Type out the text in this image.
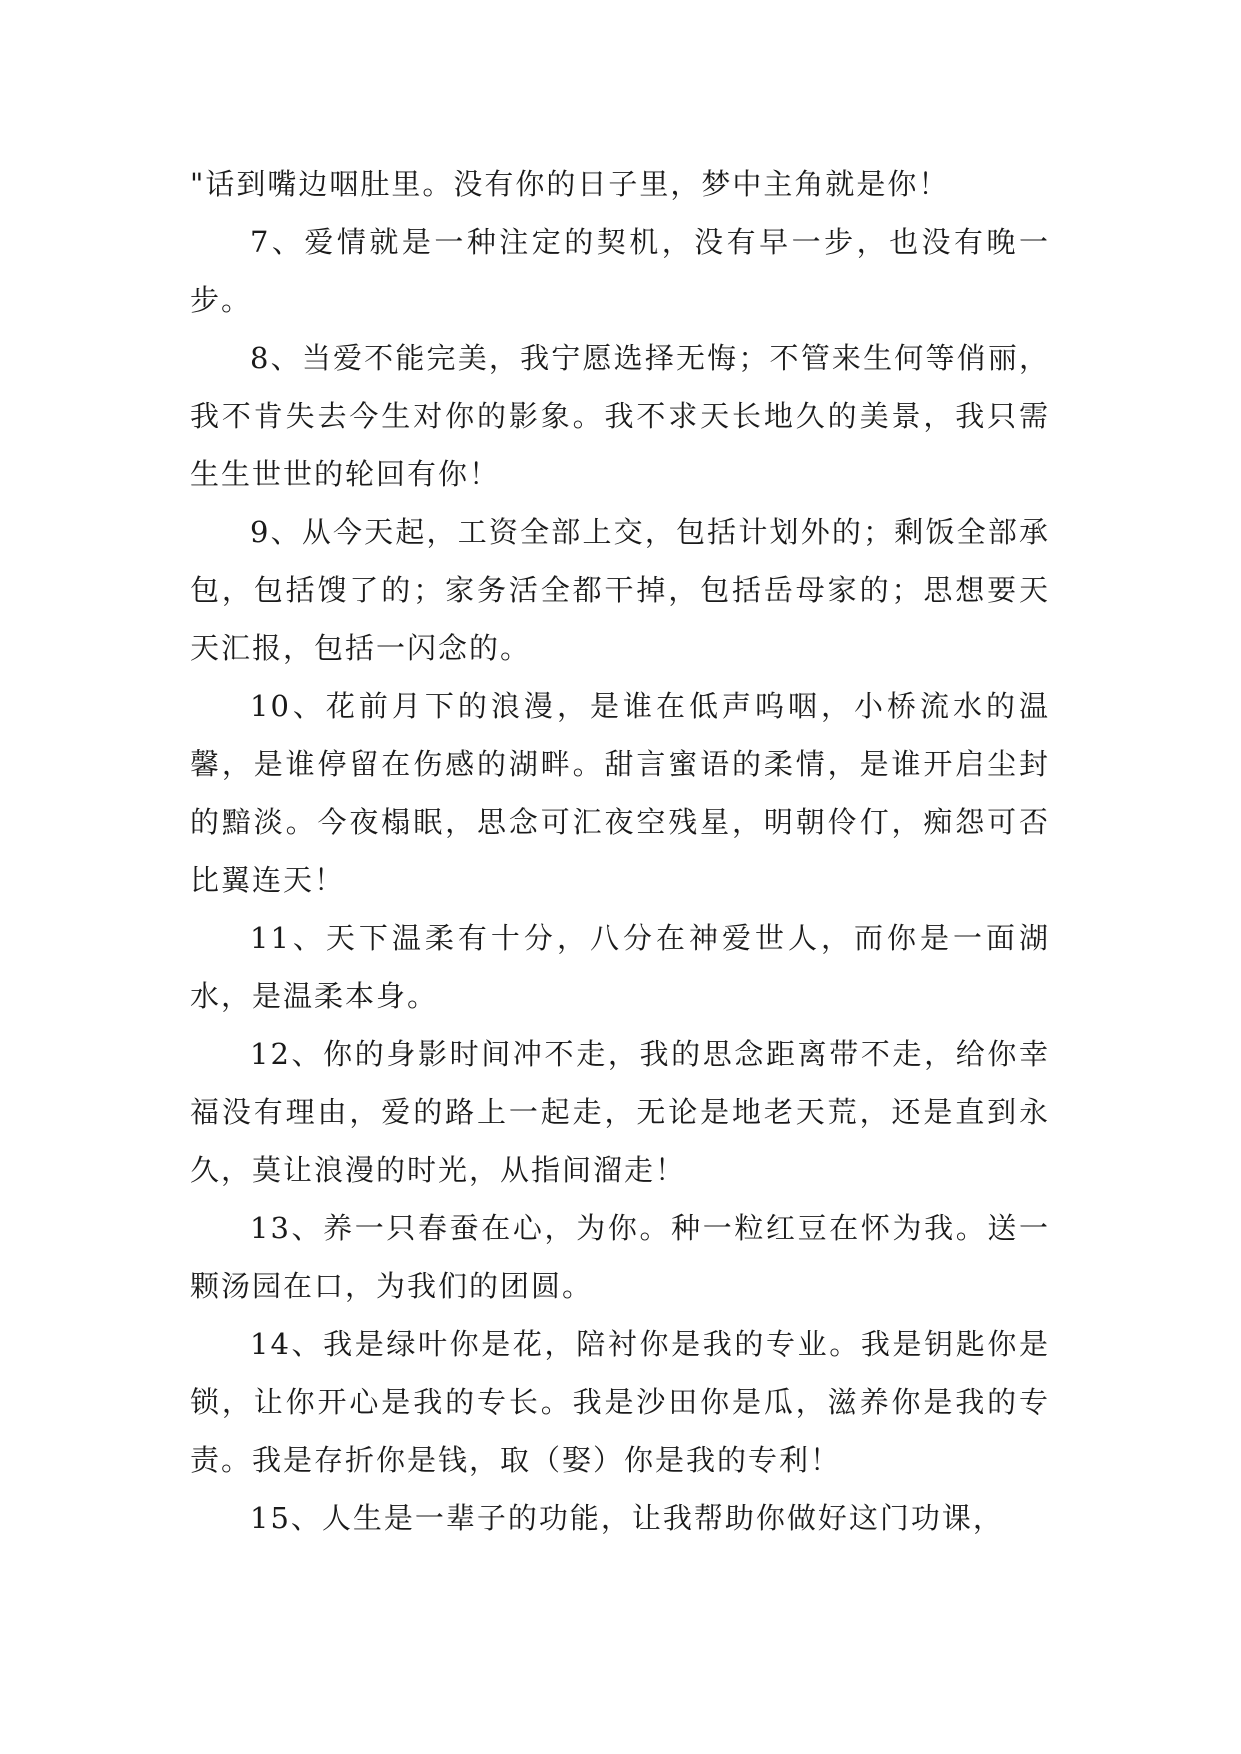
"话到嘴边咽肚里。没有你的日子里，梦中主角就是你！

7、爱情就是一种注定的契机，没有早一步，也没有晚一步。

8、当爱不能完美，我宁愿选择无悔；不管来生何等俏丽，我不肯失去今生对你的影象。我不求天长地久的美景，我只需生生世世的轮回有你！

9、从今天起，工资全部上交，包括计划外的；剩饭全部承包，包括馊了的；家务活全都干掉，包括岳母家的；思想要天天汇报，包括一闪念的。

10、花前月下的浪漫，是谁在低声呜咽，小桥流水的温馨，是谁停留在伤感的湖畔。甜言蜜语的柔情，是谁开启尘封的黯淡。今夜榻眠，思念可汇夜空残星，明朝伶仃，痴怨可否比翼连天！

11、天下温柔有十分，八分在神爱世人，而你是一面湖水，是温柔本身。

12、你的身影时间冲不走，我的思念距离带不走，给你幸福没有理由，爱的路上一起走，无论是地老天荒，还是直到永久，莫让浪漫的时光，从指间溜走！

13、养一只春蚕在心，为你。种一粒红豆在怀为我。送一颗汤园在口，为我们的团圆。

14、我是绿叶你是花，陪衬你是我的专业。我是钥匙你是锁，让你开心是我的专长。我是沙田你是瓜，滋养你是我的专责。我是存折你是钱，取（娶）你是我的专利！

15、人生是一辈子的功能，让我帮助你做好这门功课，
